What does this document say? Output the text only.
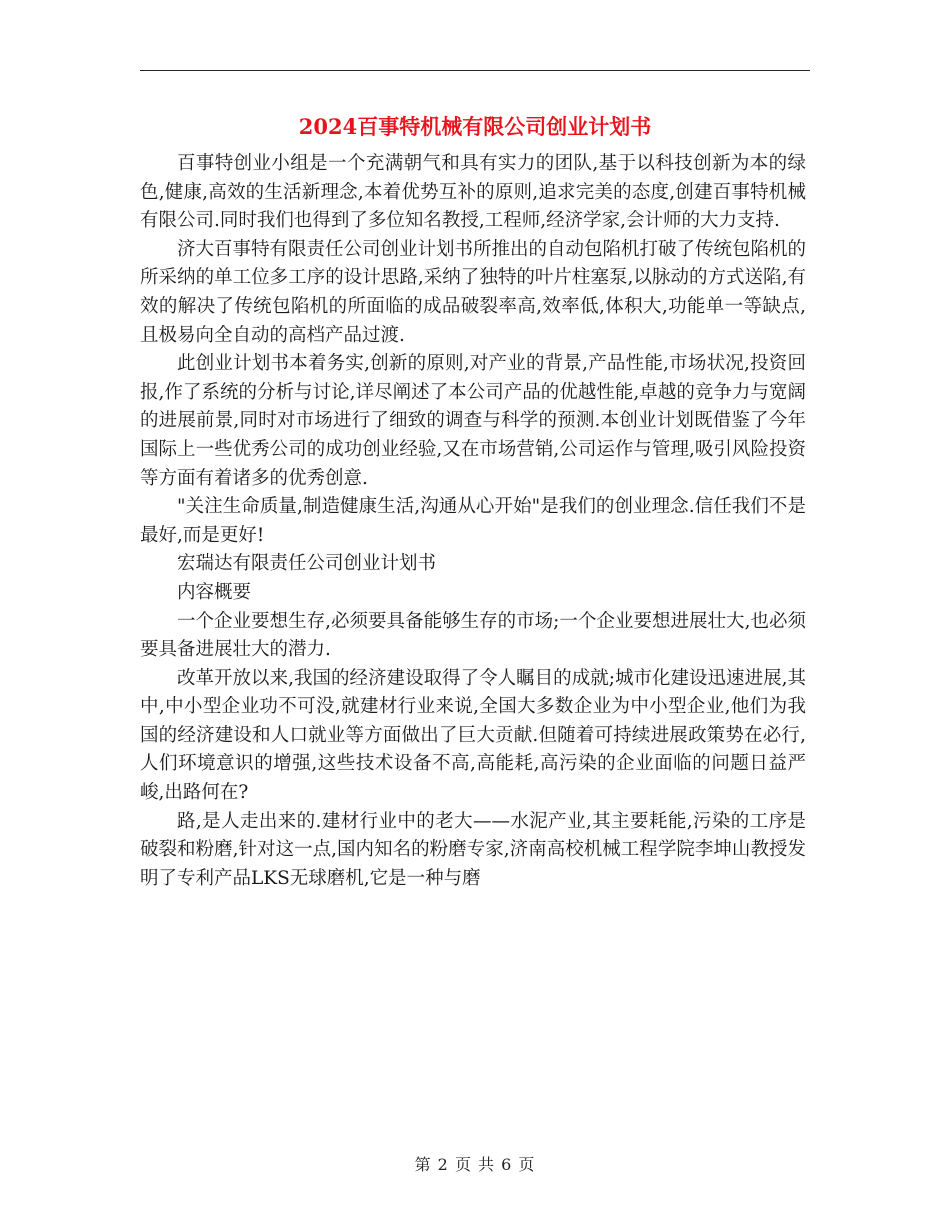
2024百事特机械有限公司创业计划书

百事特创业小组是一个充满朝气和具有实力的团队,基于以科技创新为本的绿色,健康,高效的生活新理念,本着优势互补的原则,追求完美的态度,创建百事特机械有限公司.同时我们也得到了多位知名教授,工程师,经济学家,会计师的大力支持.

济大百事特有限责任公司创业计划书所推出的自动包陷机打破了传统包陷机的所采纳的单工位多工序的设计思路,采纳了独特的叶片柱塞泵,以脉动的方式送陷,有效的解决了传统包陷机的所面临的成品破裂率高,效率低,体积大,功能单一等缺点,且极易向全自动的高档产品过渡.

此创业计划书本着务实,创新的原则,对产业的背景,产品性能,市场状况,投资回报,作了系统的分析与讨论,详尽阐述了本公司产品的优越性能,卓越的竞争力与宽阔的进展前景,同时对市场进行了细致的调查与科学的预测.本创业计划既借鉴了今年国际上一些优秀公司的成功创业经验,又在市场营销,公司运作与管理,吸引风险投资等方面有着诸多的优秀创意.

"关注生命质量,制造健康生活,沟通从心开始"是我们的创业理念.信任我们不是最好,而是更好!

宏瑞达有限责任公司创业计划书

内容概要

一个企业要想生存,必须要具备能够生存的市场;一个企业要想进展壮大,也必须要具备进展壮大的潜力.

改革开放以来,我国的经济建设取得了令人瞩目的成就;城市化建设迅速进展,其中,中小型企业功不可没,就建材行业来说,全国大多数企业为中小型企业,他们为我国的经济建设和人口就业等方面做出了巨大贡献.但随着可持续进展政策势在必行,人们环境意识的增强,这些技术设备不高,高能耗,高污染的企业面临的问题日益严峻,出路何在?

路,是人走出来的.建材行业中的老大——水泥产业,其主要耗能,污染的工序是破裂和粉磨,针对这一点,国内知名的粉磨专家,济南高校机械工程学院李坤山教授发明了专利产品LKS无球磨机,它是一种与磨

第 2 页 共 6 页
